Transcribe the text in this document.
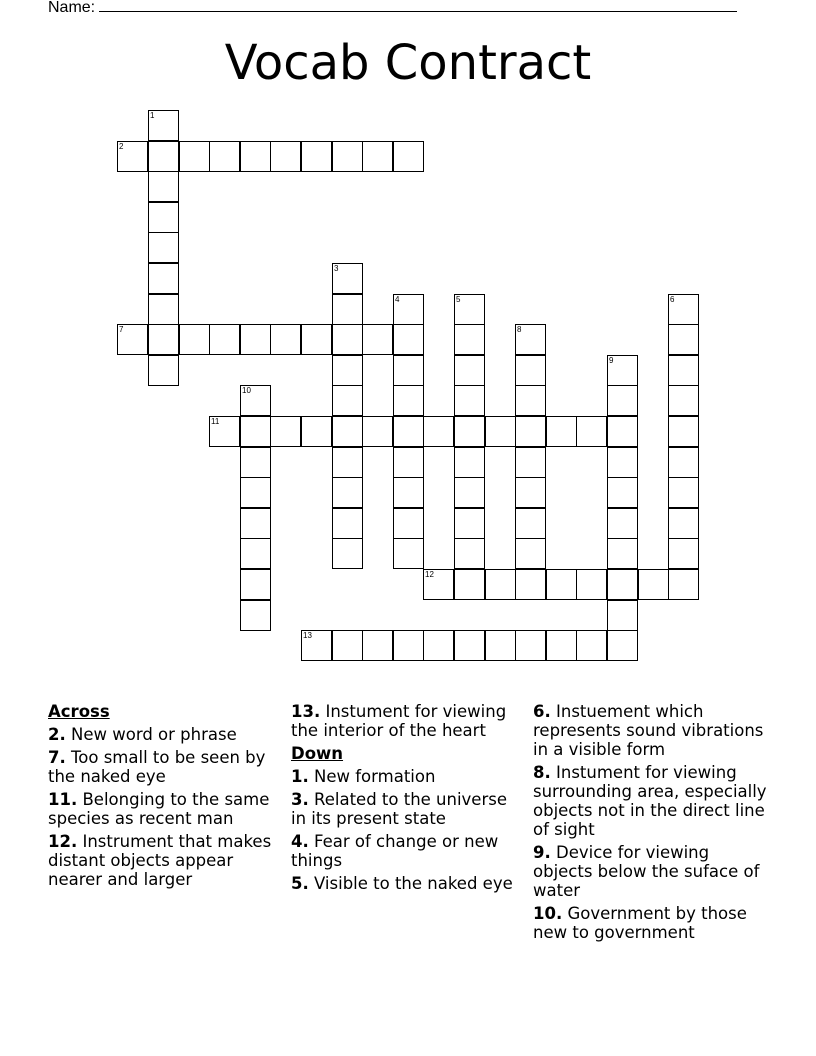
Name:
Vocab Contract
1
2
3
4	5	6
7	8
9
10
11
12
13
Across
2. New word or phrase
7. Too small to be seen by the naked eye
11. Belonging to the same species as recent man
12. Instrument that makes distant objects appear nearer and larger
13. Instument for viewing the interior of the heart
Down
1. New formation
3. Related to the universe in its present state
4. Fear of change or new things
5. Visible to the naked eye
6. Instuement which represents sound vibrations in a visible form
8. Instument for viewing surrounding area, especially objects not in the direct line of sight
9. Device for viewing objects below the suface of water
10. Government by those new to government
